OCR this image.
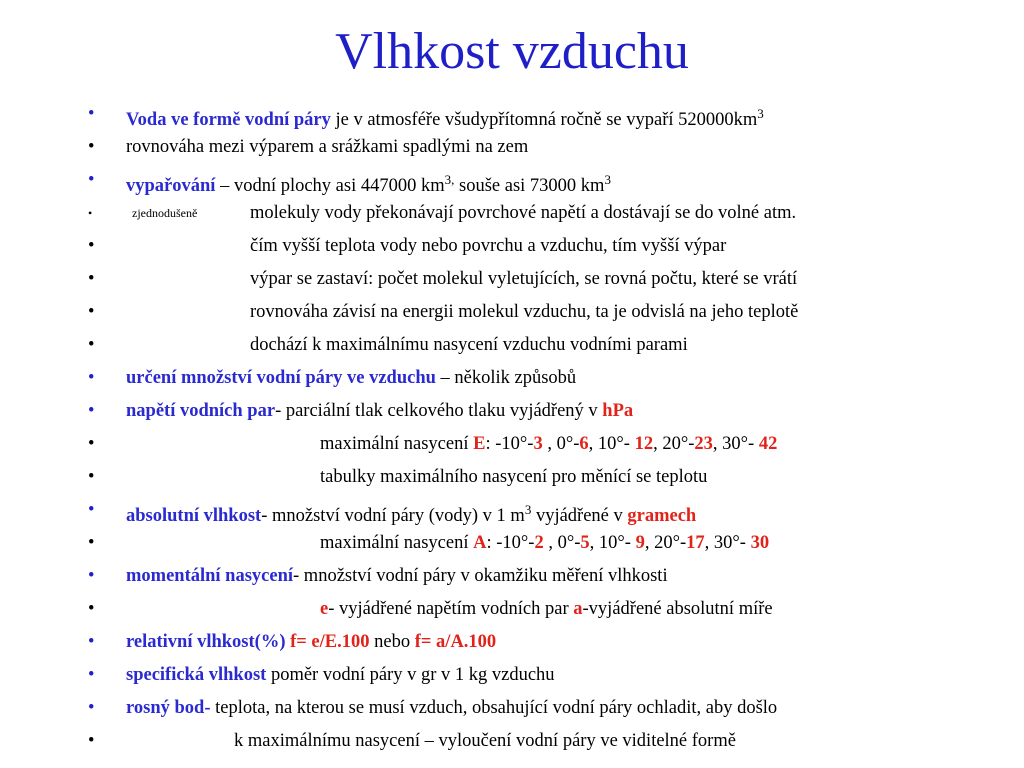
Vlhkost vzduchu
• Voda ve formě vodní páry je v atmosféře všudypřítomná ročně se vypaří $520000km^3$
• rovnováha mezi výparem a srážkami spadlými na zem
• vypařování – vodní plochy asi 447000 $km^{3,}$ souše asi 73000 $km^3$
•	zjednodušeně	molekuly vody překonávají povrchové napětí a dostávají se do volné atm.
•	čím vyšší teplota vody nebo povrchu a vzduchu, tím vyšší výpar
•	výpar se zastaví: počet molekul vyletujících, se rovná počtu, které se vrátí
•	rovnováha závisí na energii molekul vzduchu, ta je odvislá na jeho teplotě
•	dochází k maximálnímu nasycení vzduchu vodními parami
• určení množství vodní páry ve vzduchu – několik způsobů
• napětí vodních par- parciální tlak celkového tlaku vyjádřený v hPa
•	maximální nasycení E: -10°-3 , 0°-6, 10°- 12, 20°-23, 30°- 42
•	tabulky maximálního nasycení pro měnící se teplotu
• absolutní vlhkost- množství vodní páry (vody) v 1 $m^3$ vyjádřené v gramech
•	maximální nasycení A: -10°-2 , 0°-5, 10°- 9, 20°-17, 30°- 30
• momentální nasycení- množství vodní páry v okamžiku měření vlhkosti
•	e- vyjádřené napětím vodních par a-vyjádřené absolutní míře
• relativní vlhkost(%) f= e/E.100 nebo f= a/A.100
• specifická vlhkost poměr vodní páry v gr v 1 kg vzduchu
• rosný bod- teplota, na kterou se musí vzduch, obsahující vodní páry ochladit, aby došlo
•	k maximálnímu nasycení – vyloučení vodní páry ve viditelné formě
